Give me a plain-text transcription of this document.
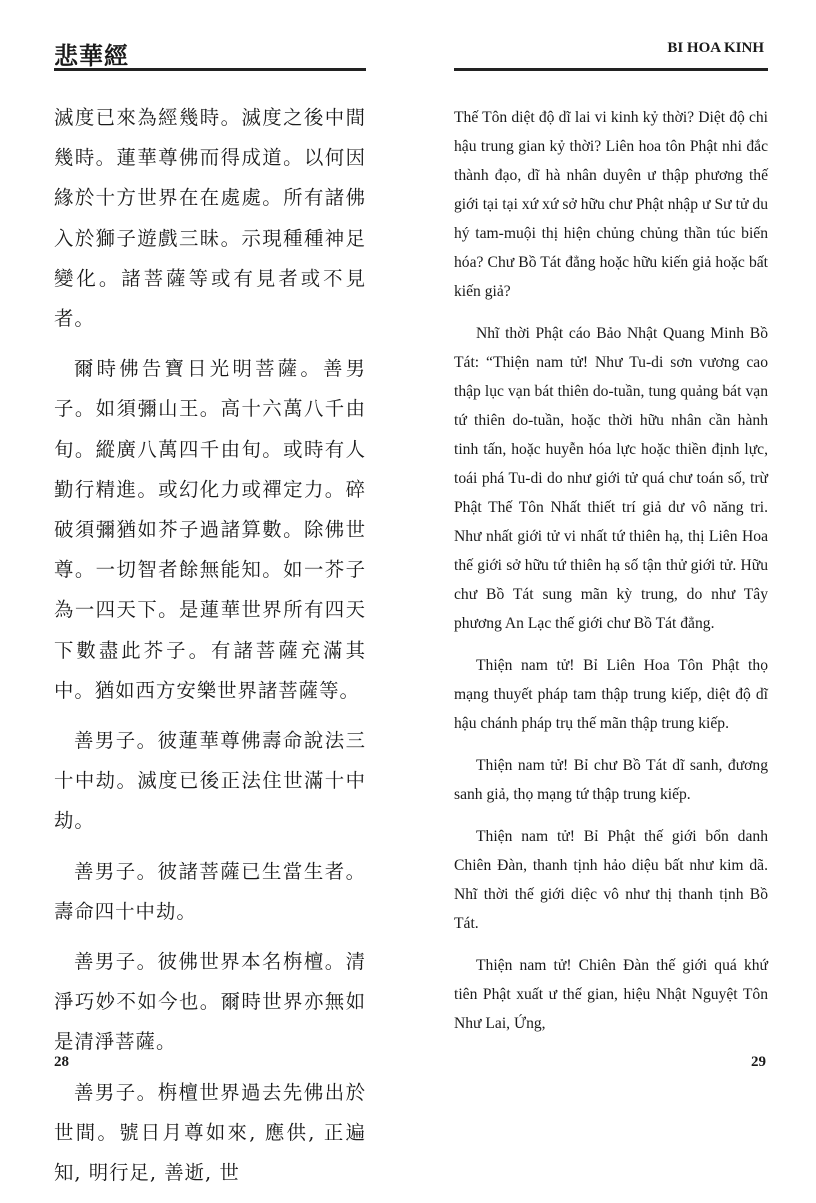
悲華經

滅度已來為經幾時。滅度之後中間幾時。蓮華尊佛而得成道。以何因緣於十方世界在在處處。所有諸佛入於獅子遊戲三昧。示現種種神足變化。諸菩薩等或有見者或不見者。

爾時佛告寶日光明菩薩。善男子。如須彌山王。高十六萬八千由旬。縱廣八萬四千由旬。或時有人勤行精進。或幻化力或禪定力。碎破須彌猶如芥子過諸算數。除佛世尊。一切智者餘無能知。如一芥子為一四天下。是蓮華世界所有四天下數盡此芥子。有諸菩薩充滿其中。猶如西方安樂世界諸菩薩等。

善男子。彼蓮華尊佛壽命說法三十中劫。滅度已後正法住世滿十中劫。

善男子。彼諸菩薩已生當生者。壽命四十中劫。

善男子。彼佛世界本名栴檀。清淨巧妙不如今也。爾時世界亦無如是清淨菩薩。

善男子。栴檀世界過去先佛出於世間。號日月尊如來, 應供, 正遍知, 明行足, 善逝, 世

28
BI HOA KINH

Thế Tôn diệt độ dĩ lai vi kinh kỷ thời? Diệt độ chi hậu trung gian kỷ thời? Liên hoa tôn Phật nhi đắc thành đạo, dĩ hà nhân duyên ư thập phương thế giới tại tại xứ xứ sở hữu chư Phật nhập ư Sư tử du hý tam-muội thị hiện chủng chủng thần túc biến hóa? Chư Bồ Tát đẳng hoặc hữu kiến giả hoặc bất kiến giả?

Nhĩ thời Phật cáo Bảo Nhật Quang Minh Bồ Tát: “Thiện nam tử! Như Tu-di sơn vương cao thập lục vạn bát thiên do-tuần, tung quảng bát vạn tứ thiên do-tuần, hoặc thời hữu nhân cần hành tinh tấn, hoặc huyễn hóa lực hoặc thiền định lực, toái phá Tu-di do như giới tử quá chư toán số, trừ Phật Thế Tôn Nhất thiết trí giả dư vô năng tri. Như nhất giới tử vi nhất tứ thiên hạ, thị Liên Hoa thế giới sở hữu tứ thiên hạ số tận thử giới tử. Hữu chư Bồ Tát sung mãn kỳ trung, do như Tây phương An Lạc thế giới chư Bồ Tát đẳng.

Thiện nam tử! Bỉ Liên Hoa Tôn Phật thọ mạng thuyết pháp tam thập trung kiếp, diệt độ dĩ hậu chánh pháp trụ thế mãn thập trung kiếp.

Thiện nam tử! Bỉ chư Bồ Tát dĩ sanh, đương sanh giả, thọ mạng tứ thập trung kiếp.

Thiện nam tử! Bỉ Phật thế giới bổn danh Chiên Đàn, thanh tịnh hảo diệu bất như kim dã. Nhĩ thời thế giới diệc vô như thị thanh tịnh Bồ Tát.

Thiện nam tử! Chiên Đàn thế giới quá khứ tiên Phật xuất ư thế gian, hiệu Nhật Nguyệt Tôn Như Lai, Ứng,

29
